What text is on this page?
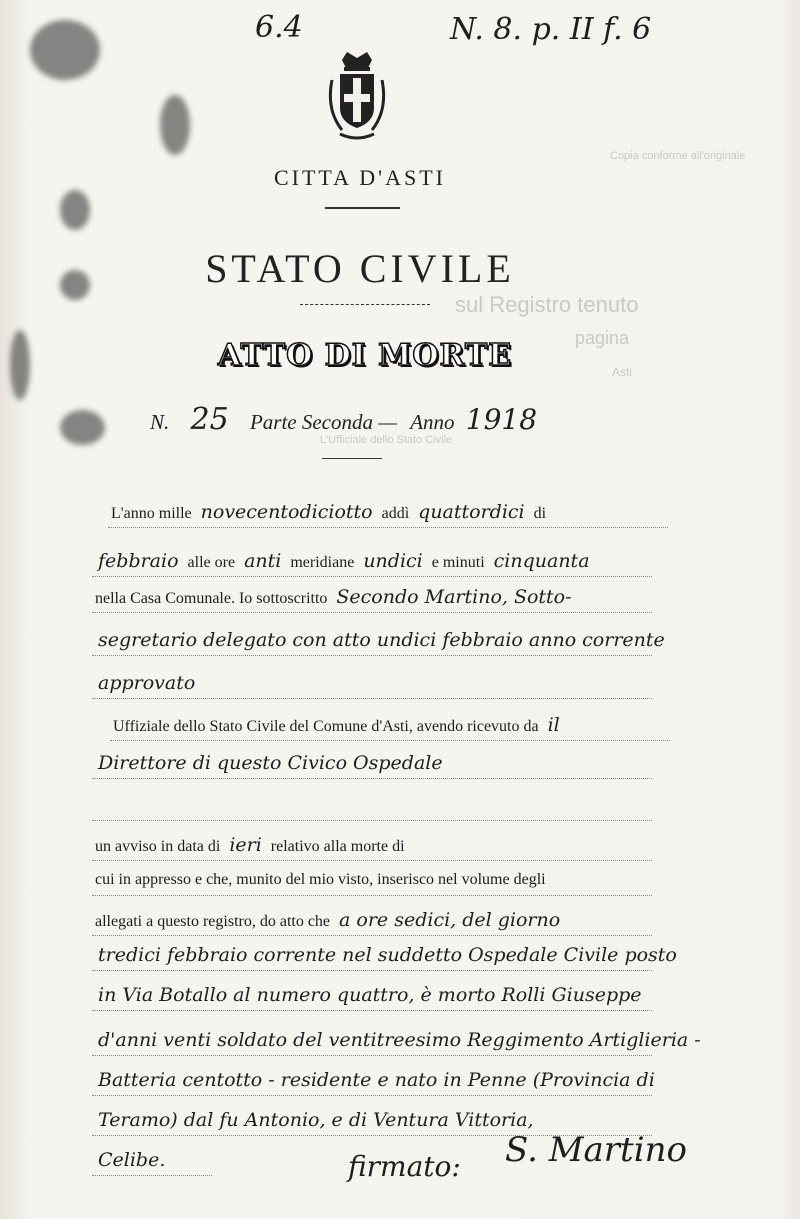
Copia conforme all'originale
sul Registro tenuto
pagina
Asti
L'Ufficiale dello Stato Civile
6.4	N. 8. p. II f. 6
CITTA D'ASTI
STATO CIVILE
ATTO DI MORTE
N. 25 Parte Seconda — Anno 1918
L'anno mille novecentodiciotto addì quattordici di
febbraio alle ore anti meridiane undici e minuti cinquanta
nella Casa Comunale. Io sottoscritto Secondo Martino, Sotto-
segretario delegato con atto undici febbraio anno corrente
approvato
Uffiziale dello Stato Civile del Comune d'Asti, avendo ricevuto da il
Direttore di questo Civico Ospedale
un avviso in data di ieri relativo alla morte di
cui in appresso e che, munito del mio visto, inserisco nel volume degli
allegati a questo registro, do atto che a ore sedici, del giorno
tredici febbraio corrente nel suddetto Ospedale Civile posto
in Via Botallo al numero quattro, è morto Rolli Giuseppe
d'anni venti soldato del ventitreesimo Reggimento Artiglieria -
Batteria centotto - residente e nato in Penne (Provincia di
Teramo) dal fu Antonio, e di Ventura Vittoria,
Celibe.	firmato: S. Martino
